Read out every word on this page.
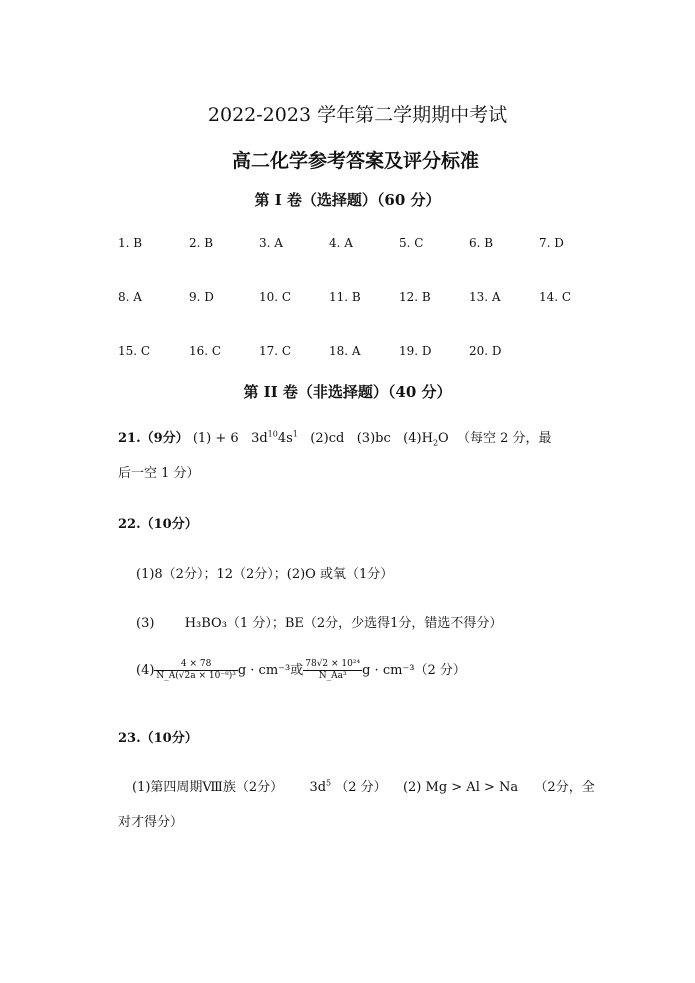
2022-2023 学年第二学期期中考试
高二化学参考答案及评分标准
第 I 卷（选择题）（60 分）
1. B	2. B	3. A	4. A	5. C	6. B	7. D
8. A	9. D	10. C	11. B	12. B	13. A	14. C
15. C	16. C	17. C	18. A	19. D	20. D
第 II 卷（非选择题）（40 分）
21.（9分） (1) + 6 $3d^{10}4s^1$ (2)cd (3)bc $(4)H_2O$ （每空 2 分，最
后一空 1 分）
22.（10分）
(1)8（2分）；12（2分）；(2)O 或氧（1分）
(3) H₃BO₃（1 分）；BE（2分，少选得1分，错选不得分）
$(4) \frac{4 \times 78}{\text{N\_A(√2a × 10⁻⁸)³}}$ g · cm⁻³或 $\frac{\text{78√2 × 10²⁴}}{\text{N\_Aa³}}$ g · cm⁻³（2 分）
23.（10分）
(1)第四周期Ⅷ族（2分） $3d^5$ （2 分） (2) Mg > Al > Na （2分，全
对才得分）
